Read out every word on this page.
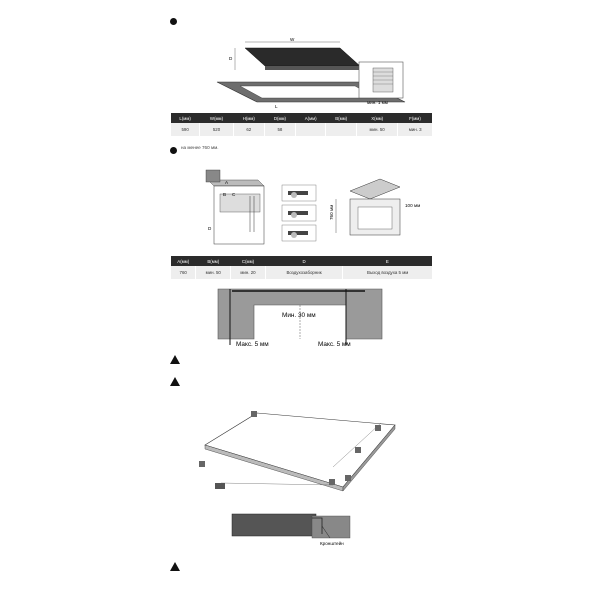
W
D
L
мин. 1 мм
L(мм)	W(мм)	H(мм)	D(мм)	A(мм)	B(мм)	X(мм)	F(мм)
590	520	62	58			мин. 50	мин. 3
на менее 760 мм.
A
B
D
C
760 мм	100 мм
A(мм)	B(мм)	C(мм)	D	E
760	мин. 50	мин. 20	Воздухозаборник	Выход воздуха 5 мм
Мин. 30 мм
Макс. 5 мм	Макс. 5 мм
Кронштейн
